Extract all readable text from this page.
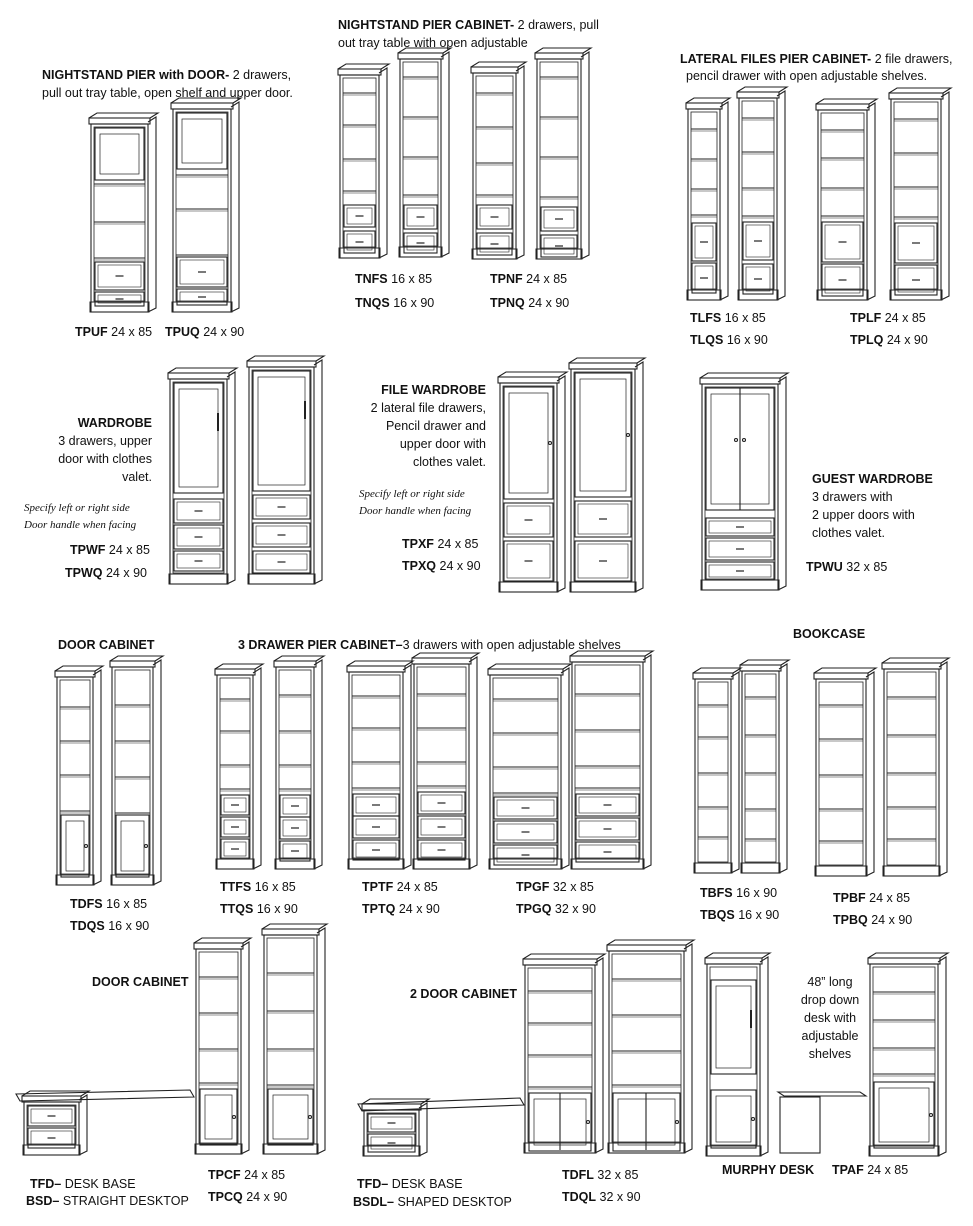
NIGHTSTAND PIER with DOOR- 2 drawers,
pull out tray table, open shelf and upper door.
TPUF 24 x 85 TPUQ 24 x 90
NIGHTSTAND PIER CABINET- 2 drawers, pull
out tray table with open adjustable
TNFS 16 x 85
TNQS 16 x 90
TPNF 24 x 85
TPNQ 24 x 90
LATERAL FILES PIER CABINET- 2 file drawers,
pencil drawer with open adjustable shelves.
TLFS 16 x 85
TLQS 16 x 90
TPLF 24 x 85
TPLQ 24 x 90
WARDROBE
3 drawers, upper
door with clothes
valet.
Specify left or right side
Door handle when facing
TPWF 24 x 85
TPWQ 24 x 90
FILE WARDROBE
2 lateral file drawers,
Pencil drawer and
upper door with
clothes valet.
Specify left or right side
Door handle when facing
TPXF 24 x 85
TPXQ 24 x 90
GUEST WARDROBE
3 drawers with
2 upper doors with
clothes valet.
TPWU 32 x 85
DOOR CABINET
TDFS 16 x 85
TDQS 16 x 90
3 DRAWER PIER CABINET–3 drawers with open adjustable shelves
TTFS 16 x 85
TTQS 16 x 90
TPTF 24 x 85
TPTQ 24 x 90
TPGF 32 x 85
TPGQ 32 x 90
BOOKCASE
TBFS 16 x 90
TBQS 16 x 90
TPBF 24 x 85
TPBQ 24 x 90
DOOR CABINET
TFD– DESK BASE
BSD– STRAIGHT DESKTOP
TPCF 24 x 85
TPCQ 24 x 90
2 DOOR CABINET
TFD– DESK BASE
BSDL– SHAPED DESKTOP
TDFL 32 x 85
TDQL 32 x 90
48” long
drop down
desk with
adjustable
shelves
MURPHY DESK TPAF 24 x 85
